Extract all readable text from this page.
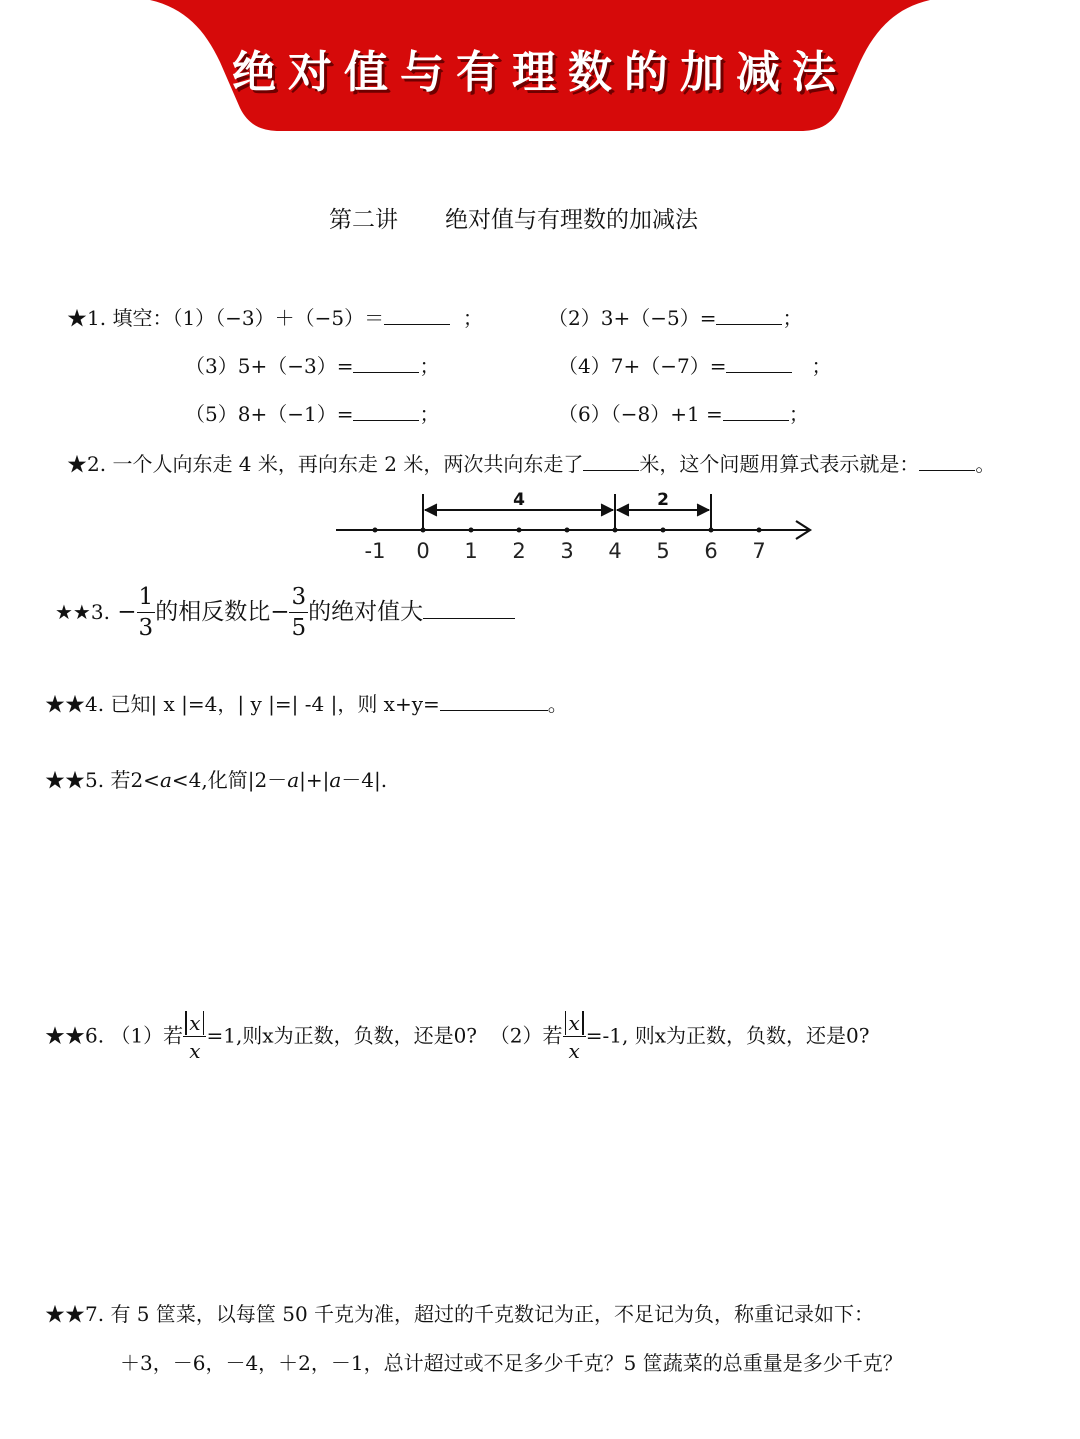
绝对值与有理数的加减法
第二讲 绝对值与有理数的加减法
★1. 填空：（1）（−3）＋（−5）＝	；	（2）3+（−5）=	；
（3）5+（−3）=	；	（4）7+（−7）=	；
（5）8+（−1）=	；	（6）（−8）+1 =	；
★2. 一个人向东走 4 米，再向东走 2 米，两次共向东走了	米，这个问题用算式表示就是：	。
-1 0 1 2 3 4 5 6 7
4	2
★★3. − $\frac{1}{3}$ 的相反数比− $\frac{3}{5}$ 的绝对值大
★★4. 已知| x |=4，| y |=| -4 |，则 x+y=	。
★★5. 若2<a<4,化简|2－a|+|a－4|.
★★6. （1）若 $\frac{x}{x} =1$,则x为正数，负数，还是0? （2）若 $\frac{x}{x} =-1$, 则x为正数，负数，还是0?
★★7. 有 5 筐菜，以每筐 50 千克为准，超过的千克数记为正，不足记为负，称重记录如下：
＋3，－6，－4，＋2，－1，总计超过或不足多少千克？5 筐蔬菜的总重量是多少千克？
